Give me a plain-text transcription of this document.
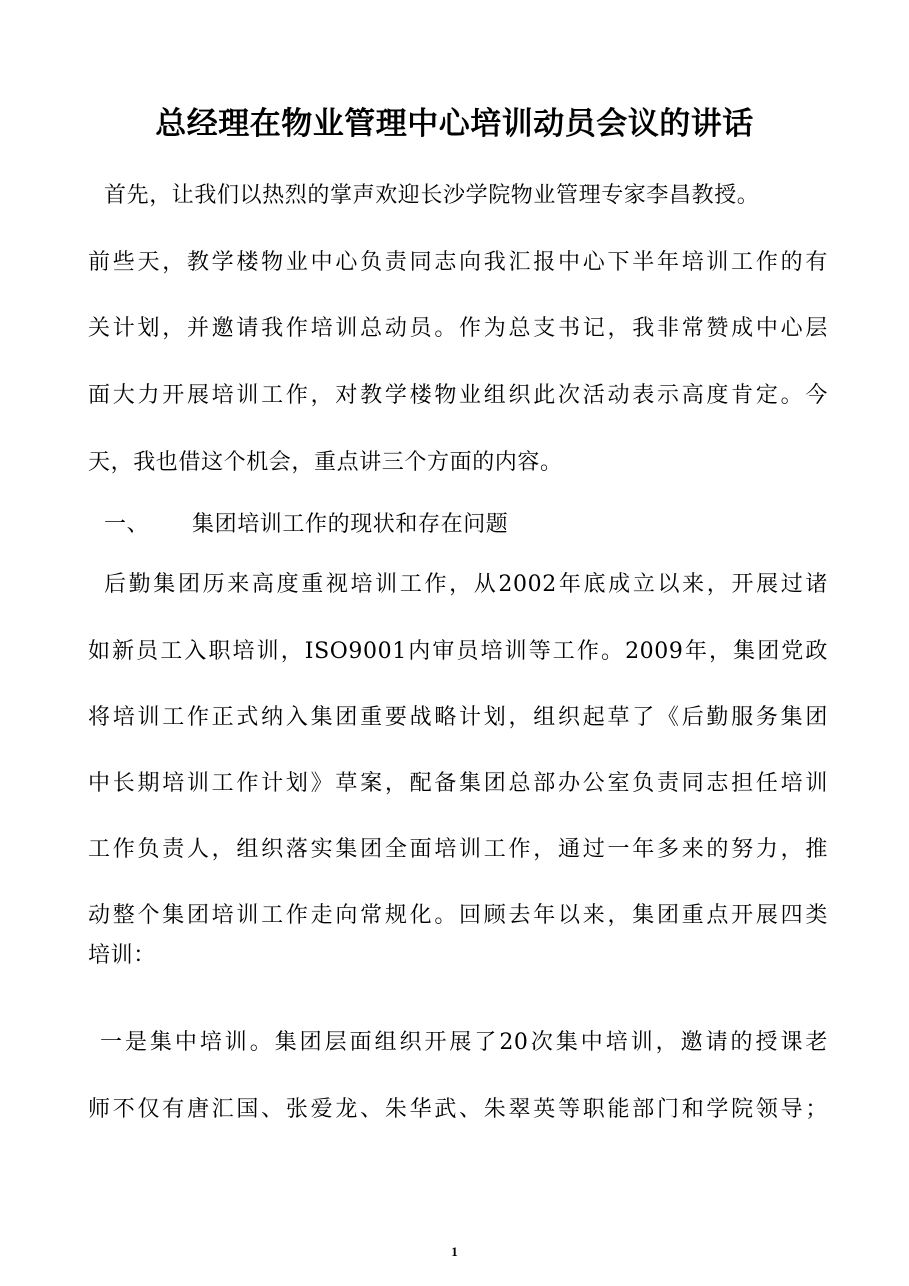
总经理在物业管理中心培训动员会议的讲话
首先，让我们以热烈的掌声欢迎长沙学院物业管理专家李昌教授。
前些天，教学楼物业中心负责同志向我汇报中心下半年培训工作的有
关计划，并邀请我作培训总动员。作为总支书记，我非常赞成中心层
面大力开展培训工作，对教学楼物业组织此次活动表示高度肯定。今
天，我也借这个机会，重点讲三个方面的内容。
一、 集团培训工作的现状和存在问题
后勤集团历来高度重视培训工作，从2002年底成立以来，开展过诸
如新员工入职培训，ISO9001内审员培训等工作。2009年，集团党政
将培训工作正式纳入集团重要战略计划，组织起草了《后勤服务集团
中长期培训工作计划》草案，配备集团总部办公室负责同志担任培训
工作负责人，组织落实集团全面培训工作，通过一年多来的努力，推
动整个集团培训工作走向常规化。回顾去年以来，集团重点开展四类
培训：
一是集中培训。集团层面组织开展了20次集中培训，邀请的授课老
师不仅有唐汇国、张爱龙、朱华武、朱翠英等职能部门和学院领导；
1
